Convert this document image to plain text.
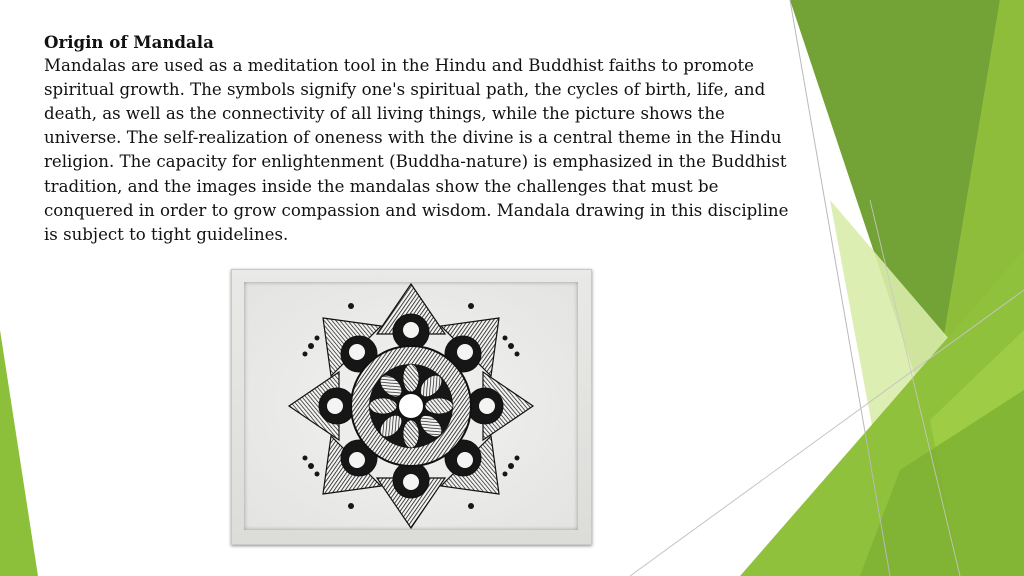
Origin of Mandala
Mandalas are used as a meditation tool in the Hindu and Buddhist faiths to promote spiritual growth. The symbols signify one's spiritual path, the cycles of birth, life, and death, as well as the connectivity of all living things, while the picture shows the universe. The self-realization of oneness with the divine is a central theme in the Hindu religion. The capacity for enlightenment (Buddha-nature) is emphasized in the Buddhist tradition, and the images inside the mandalas show the challenges that must be conquered in order to grow compassion and wisdom. Mandala drawing in this discipline is subject to tight guidelines.
